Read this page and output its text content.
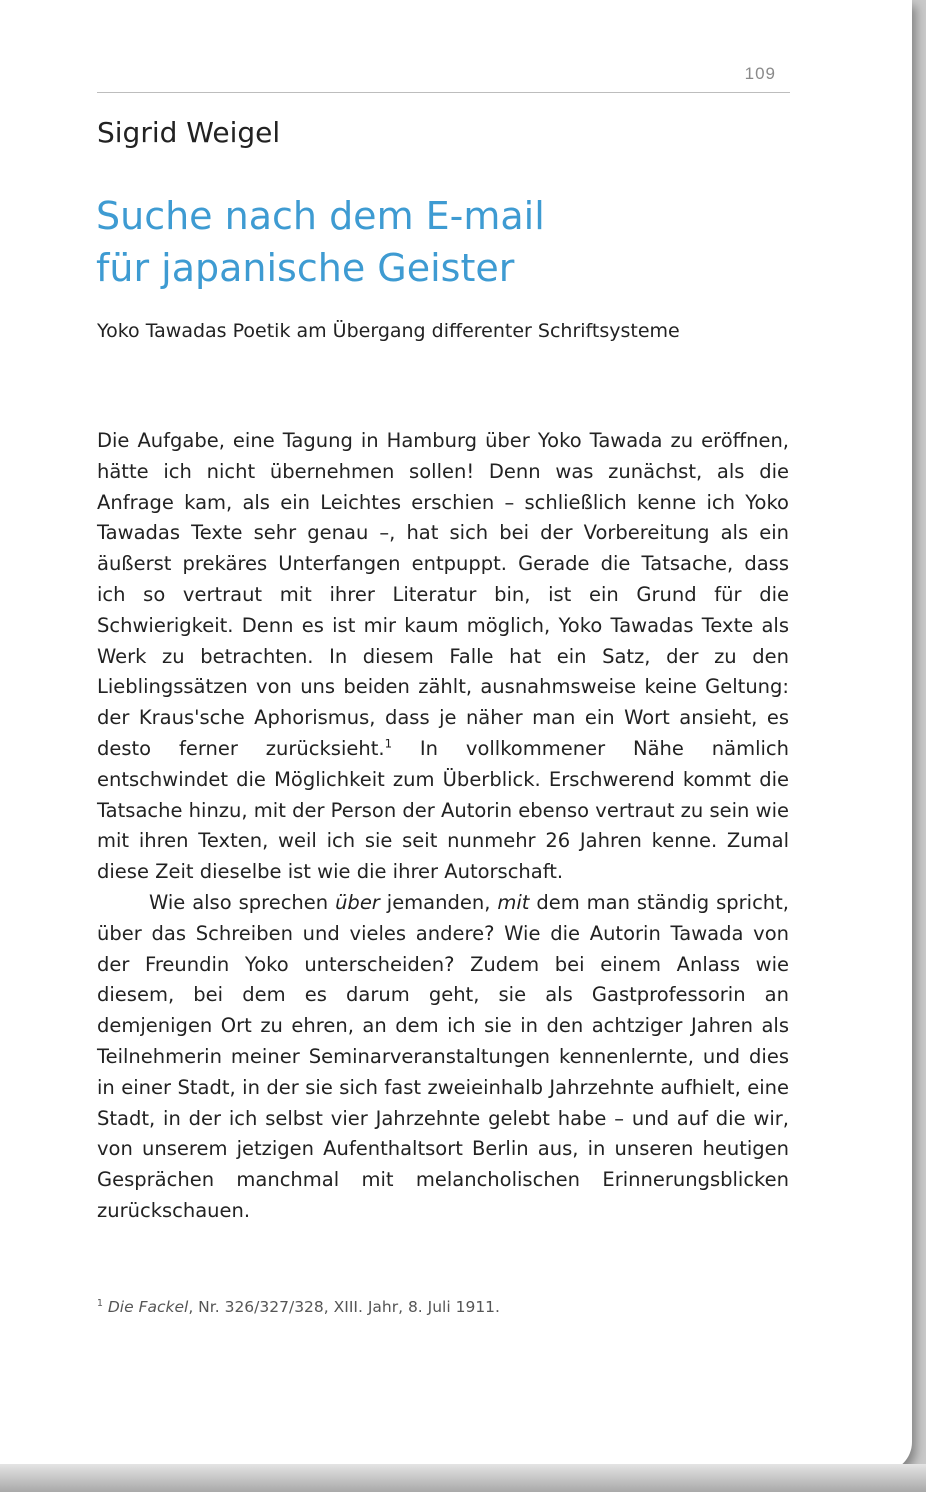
109
Sigrid Weigel
Suche nach dem E-mail
für japanische Geister
Yoko Tawadas Poetik am Übergang differenter Schriftsysteme

Die Aufgabe, eine Tagung in Hamburg über Yoko Tawada zu eröffnen, hätte ich nicht übernehmen sollen! Denn was zunächst, als die Anfrage kam, als ein Leichtes erschien – schließlich kenne ich Yoko Tawadas Texte sehr genau –, hat sich bei der Vorbereitung als ein äußerst prekäres Unterfangen entpuppt. Gerade die Tatsache, dass ich so vertraut mit ihrer Literatur bin, ist ein Grund für die Schwierigkeit. Denn es ist mir kaum möglich, Yoko Tawadas Texte als Werk zu betrachten. In diesem Falle hat ein Satz, der zu den Lieblingssätzen von uns beiden zählt, ausnahmsweise keine Geltung: der Kraus'sche Aphorismus, dass je näher man ein Wort ansieht, es desto ferner zurücksieht.$^1$ In vollkommener Nähe nämlich entschwindet die Möglichkeit zum Überblick. Erschwerend kommt die Tatsache hinzu, mit der Person der Autorin ebenso vertraut zu sein wie mit ihren Texten, weil ich sie seit nunmehr 26 Jahren kenne. Zumal diese Zeit dieselbe ist wie die ihrer Autorschaft.

Wie also sprechen über jemanden, mit dem man ständig spricht, über das Schreiben und vieles andere? Wie die Autorin Tawada von der Freundin Yoko unterscheiden? Zudem bei einem Anlass wie diesem, bei dem es darum geht, sie als Gastprofessorin an demjenigen Ort zu ehren, an dem ich sie in den achtziger Jahren als Teilnehmerin meiner Seminarveranstaltungen kennenlernte, und dies in einer Stadt, in der sie sich fast zweieinhalb Jahrzehnte aufhielt, eine Stadt, in der ich selbst vier Jahrzehnte gelebt habe – und auf die wir, von unserem jetzigen Aufenthaltsort Berlin aus, in unseren heutigen Gesprächen manchmal mit melancholischen Erinnerungsblicken zurückschauen.

$^1$ Die Fackel, Nr. 326/327/328, XIII. Jahr, 8. Juli 1911.
